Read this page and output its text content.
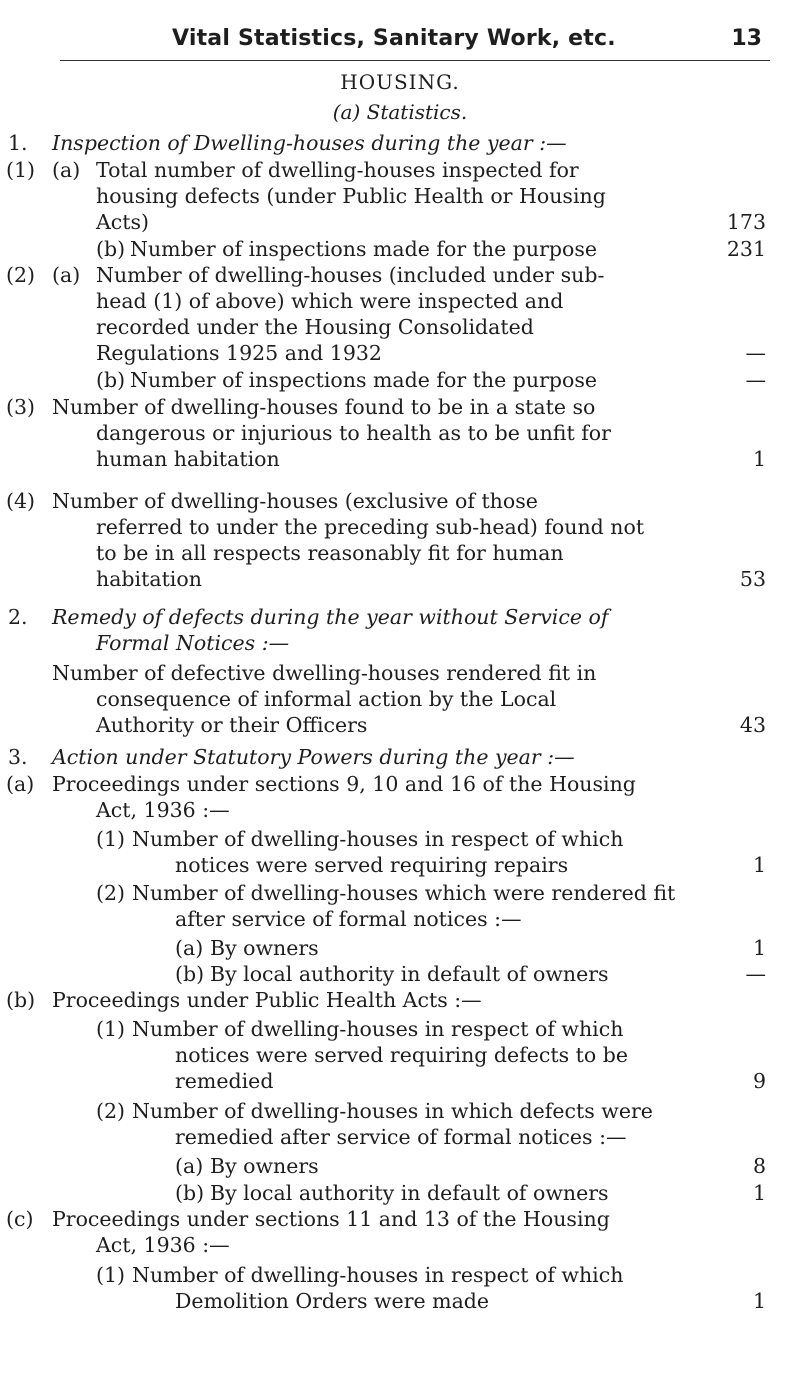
Vital Statistics, Sanitary Work, etc.	13
HOUSING.
(a) Statistics.
1. Inspection of Dwelling-houses during the year :—
(1) (a) Total number of dwelling-houses inspected for
housing defects (under Public Health or Housing
Acts)	173
(b) Number of inspections made for the purpose	231
(2) (a) Number of dwelling-houses (included under sub-
head (1) of above) which were inspected and
recorded under the Housing Consolidated
Regulations 1925 and 1932	—
(b) Number of inspections made for the purpose	—
(3) Number of dwelling-houses found to be in a state so
dangerous or injurious to health as to be unfit for
human habitation	1
(4) Number of dwelling-houses (exclusive of those
referred to under the preceding sub-head) found not
to be in all respects reasonably fit for human
habitation	53
2. Remedy of defects during the year without Service of
Formal Notices :—
Number of defective dwelling-houses rendered fit in
consequence of informal action by the Local
Authority or their Officers	43
3. Action under Statutory Powers during the year :—
(a) Proceedings under sections 9, 10 and 16 of the Housing
Act, 1936 :—
(1) Number of dwelling-houses in respect of which
notices were served requiring repairs	1
(2) Number of dwelling-houses which were rendered fit
after service of formal notices :—
(a) By owners	1
(b) By local authority in default of owners	—
(b) Proceedings under Public Health Acts :—
(1) Number of dwelling-houses in respect of which
notices were served requiring defects to be
remedied	9
(2) Number of dwelling-houses in which defects were
remedied after service of formal notices :—
(a) By owners	8
(b) By local authority in default of owners	1
(c) Proceedings under sections 11 and 13 of the Housing
Act, 1936 :—
(1) Number of dwelling-houses in respect of which
Demolition Orders were made	1
